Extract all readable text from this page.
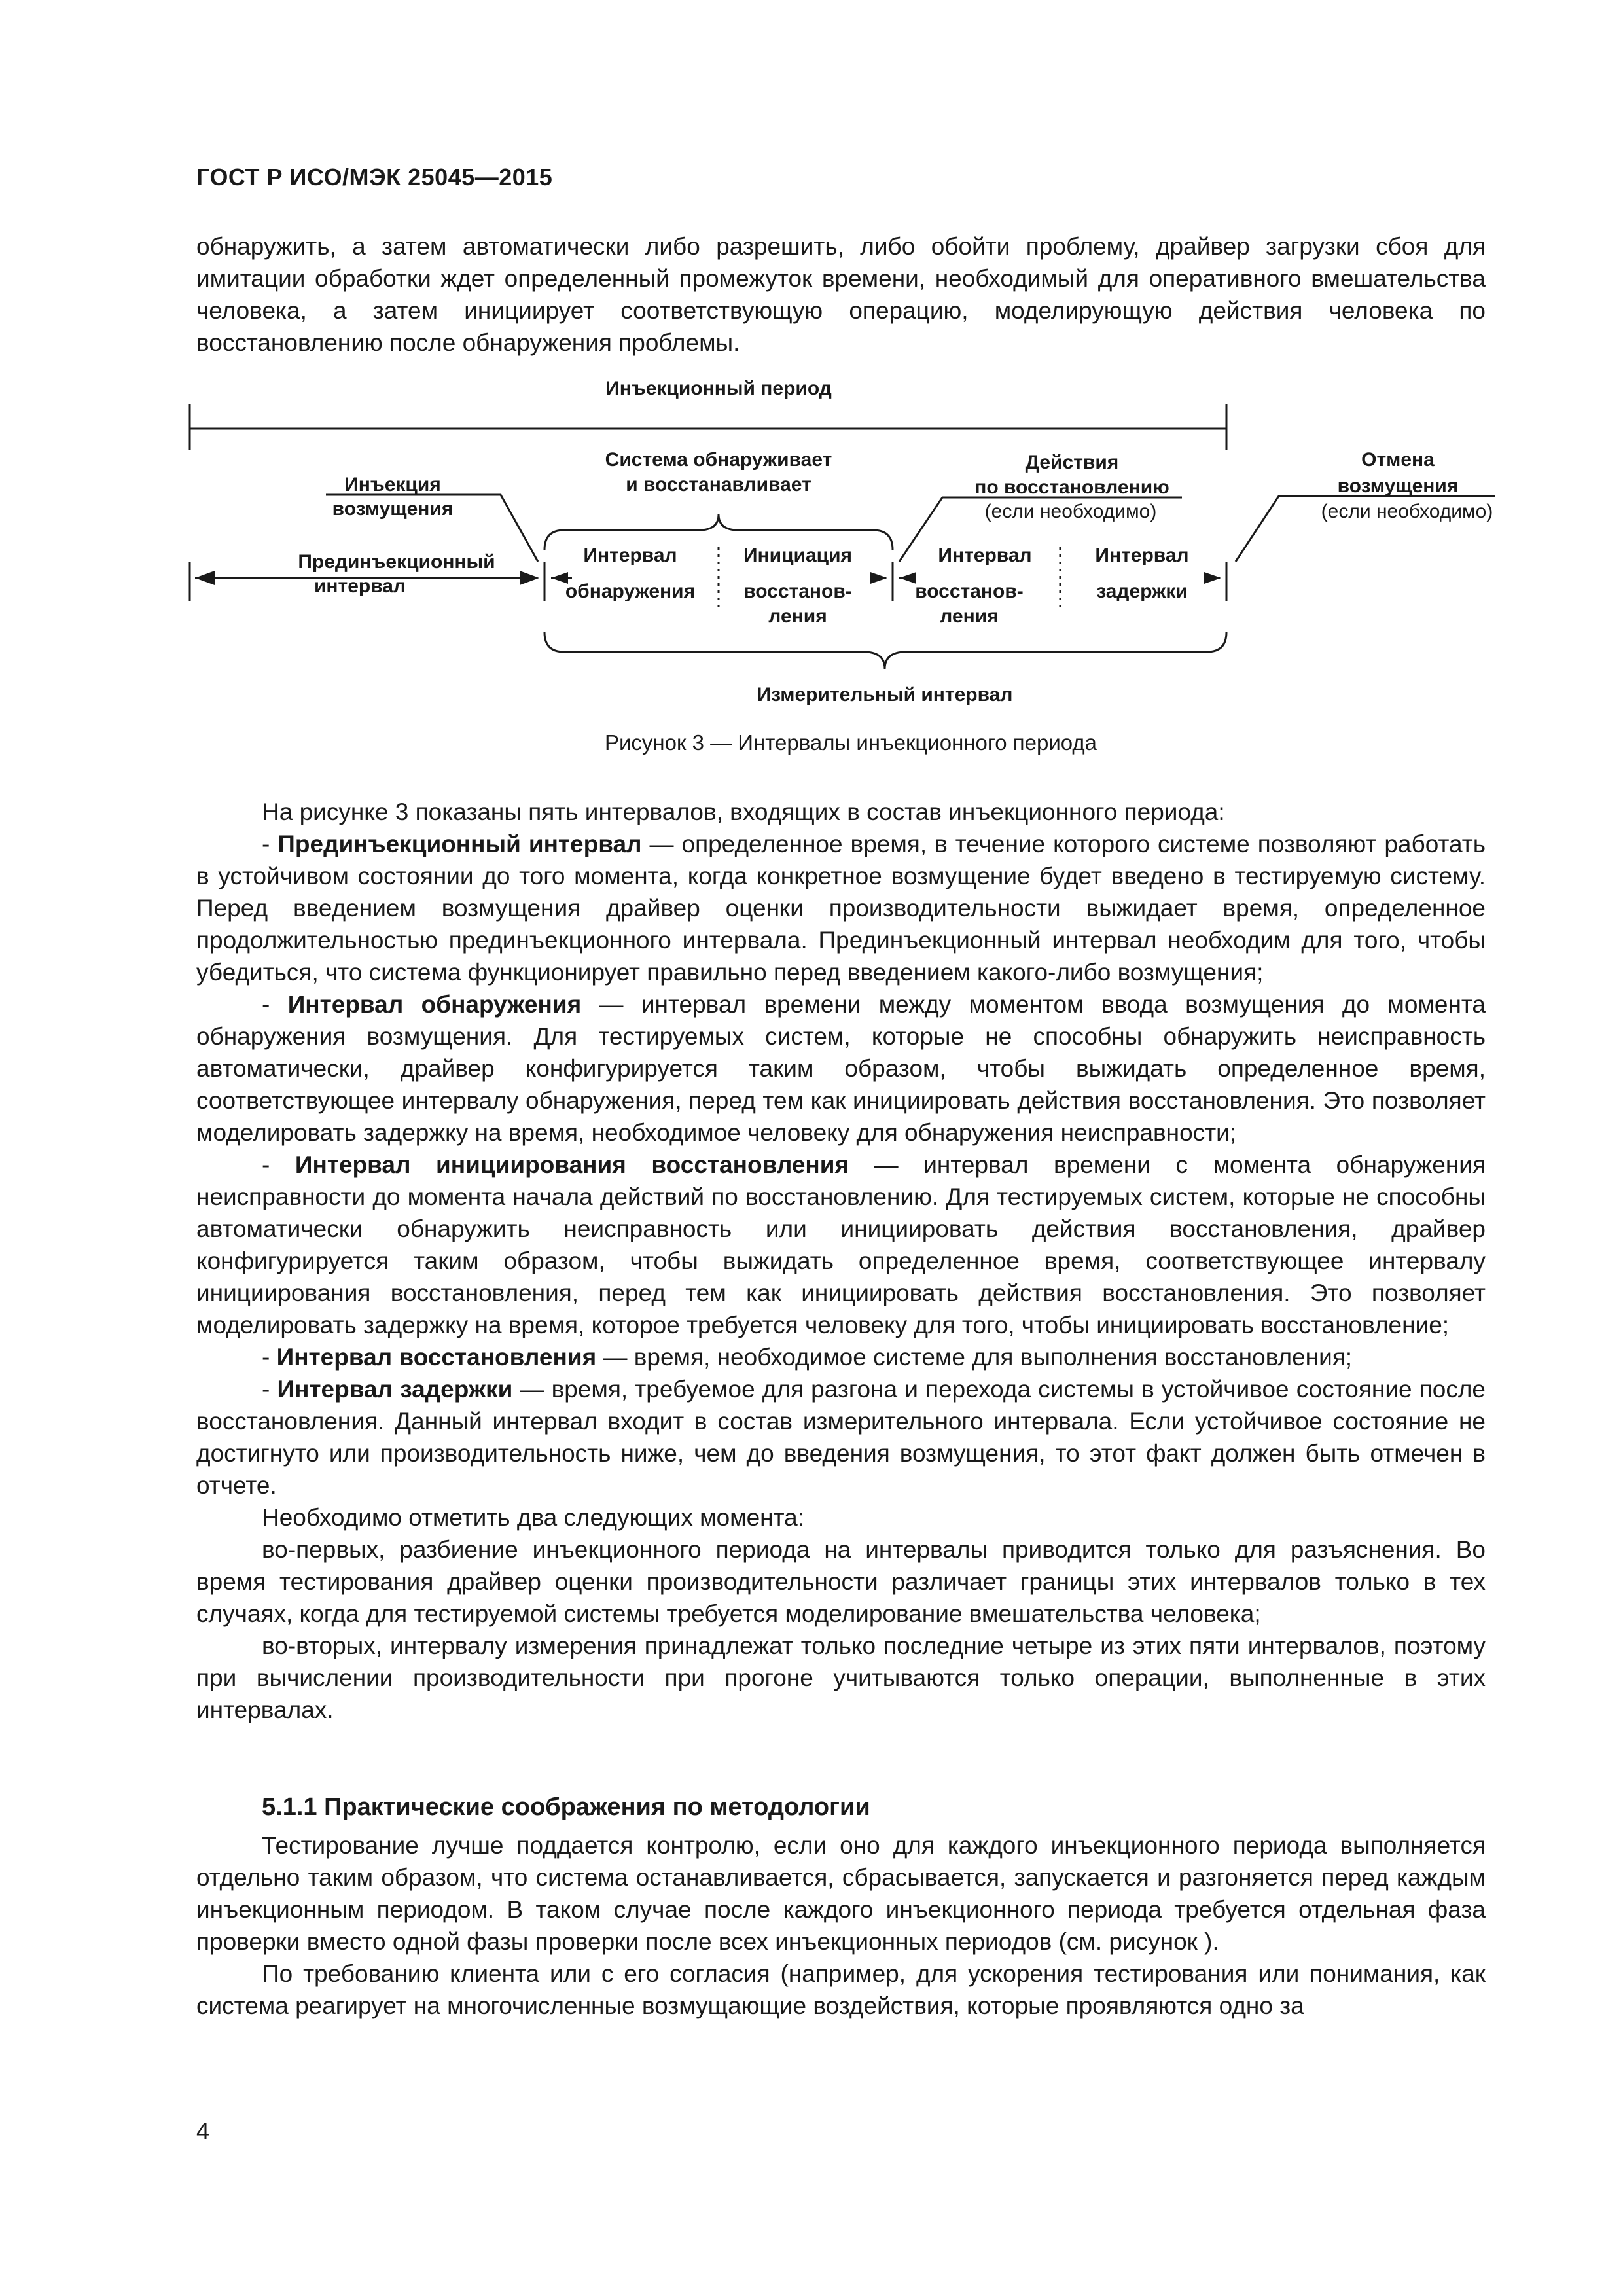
ГОСТ Р ИСО/МЭК 25045—2015

обнаружить, а затем автоматически либо разрешить, либо обойти проблему, драйвер загрузки сбоя для имитации обработки ждет определенный промежуток времени, необходимый для оперативного вмешательства человека, а затем инициирует соответствующую операцию, моделирующую действия человека по восстановлению после обнаружения проблемы.

Инъекционный период
Система обнаруживает
и восстанавливает
Действия
по восстановлению
(если необходимо)
Отмена
возмущения
(если необходимо)
Инъекция
возмущения
Прединъекционный
интервал
Интервал
обнаружения
Инициация
восстанов-
ления
Интервал
восстанов-
ления
Интервал
задержки
Измерительный интервал
Рисунок 3 — Интервалы инъекционного периода

На рисунке 3 показаны пять интервалов, входящих в состав инъекционного периода:

- Прединъекционный интервал — определенное время, в течение которого системе позволяют работать в устойчивом состоянии до того момента, когда конкретное возмущение будет введено в тестируемую систему. Перед введением возмущения драйвер оценки производительности выжидает время, определенное продолжительностью прединъекционного интервала. Прединъекционный интервал необходим для того, чтобы убедиться, что система функционирует правильно перед введением какого-либо возмущения;

- Интервал обнаружения — интервал времени между моментом ввода возмущения до момента обнаружения возмущения. Для тестируемых систем, которые не способны обнаружить неисправность автоматически, драйвер конфигурируется таким образом, чтобы выжидать определенное время, соответствующее интервалу обнаружения, перед тем как инициировать действия восстановления. Это позволяет моделировать задержку на время, необходимое человеку для обнаружения неисправности;

- Интервал инициирования восстановления — интервал времени с момента обнаружения неисправности до момента начала действий по восстановлению. Для тестируемых систем, которые не способны автоматически обнаружить неисправность или инициировать действия восстановления, драйвер конфигурируется таким образом, чтобы выжидать определенное время, соответствующее интервалу инициирования восстановления, перед тем как инициировать действия восстановления. Это позволяет моделировать задержку на время, которое требуется человеку для того, чтобы инициировать восстановление;

- Интервал восстановления — время, необходимое системе для выполнения восстановления;

- Интервал задержки — время, требуемое для разгона и перехода системы в устойчивое состояние после восстановления. Данный интервал входит в состав измерительного интервала. Если устойчивое состояние не достигнуто или производительность ниже, чем до введения возмущения, то этот факт должен быть отмечен в отчете.

Необходимо отметить два следующих момента:

во-первых, разбиение инъекционного периода на интервалы приводится только для разъяснения. Во время тестирования драйвер оценки производительности различает границы этих интервалов только в тех случаях, когда для тестируемой системы требуется моделирование вмешательства человека;

во-вторых, интервалу измерения принадлежат только последние четыре из этих пяти интервалов, поэтому при вычислении производительности при прогоне учитываются только операции, выполненные в этих интервалах.

5.1.1 Практические соображения по методологии

Тестирование лучше поддается контролю, если оно для каждого инъекционного периода выполняется отдельно таким образом, что система останавливается, сбрасывается, запускается и разгоняется перед каждым инъекционным периодом. В таком случае после каждого инъекционного периода требуется отдельная фаза проверки вместо одной фазы проверки после всех инъекционных периодов (см. рисунок ).

По требованию клиента или с его согласия (например, для ускорения тестирования или понимания, как система реагирует на многочисленные возмущающие воздействия, которые проявляются одно за

4
